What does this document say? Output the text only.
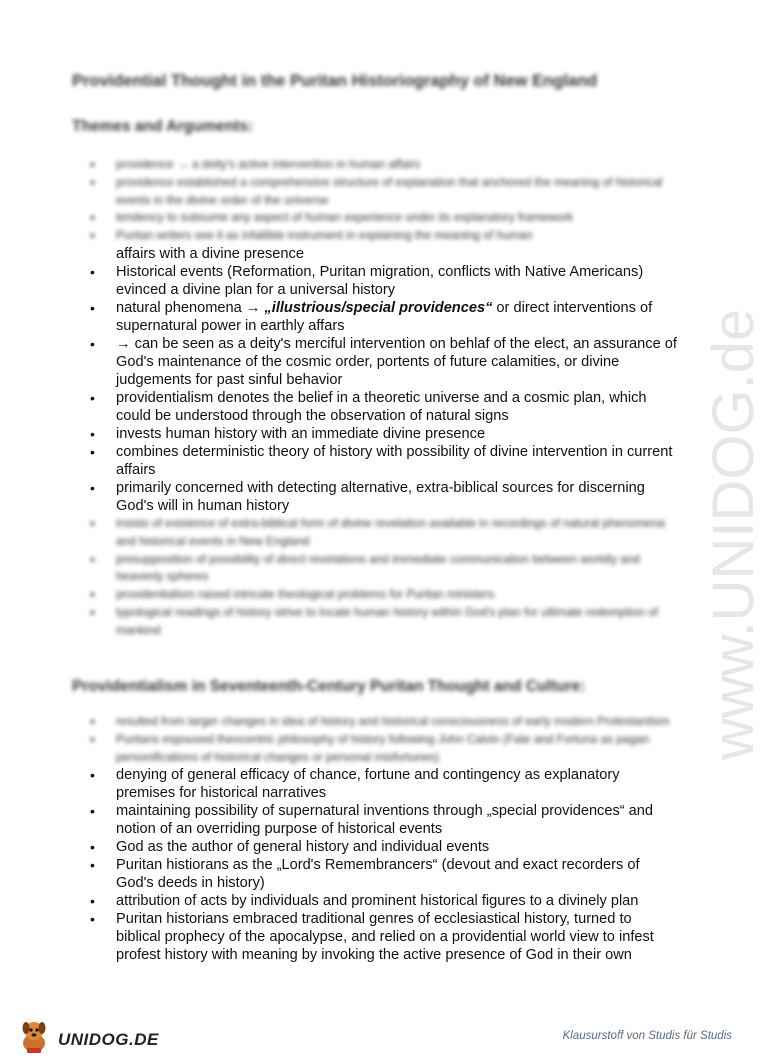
www.UNIDOG.de
Providential Thought in the Puritan Historiography of New England
Themes and Arguments:
• providence → a deity's active intervention in human affairs
• providence established a comprehensive structure of explanation that anchored the meaning of historical events in the divine order of the universe
• tendency to subsume any aspect of human experience under its explanatory framework
• Puritan writers see it as infallible instrument in explaining the meaning of human
affairs with a divine presence
• Historical events (Reformation, Puritan migration, conflicts with Native Americans) evinced a divine plan for a universal history
• natural phenomena → „illustrious/special providences“ or direct interventions of supernatural power in earthly affars
• → can be seen as a deity's merciful intervention on behlaf of the elect, an assurance of God's maintenance of the cosmic order, portents of future calamities, or divine judgements for past sinful behavior
• providentialism denotes the belief in a theoretic universe and a cosmic plan, which could be understood through the observation of natural signs
• invests human history with an immediate divine presence
• combines deterministic theory of history with possibility of divine intervention in current affairs
• primarily concerned with detecting alternative, extra-biblical sources for discerning God's will in human history
• insists of existence of extra-biblical form of divine revelation available in recordings of natural phenomena and historical events in New England
• presupposition of possibility of direct revelations and immediate communication between worldly and heavenly spheres
• providentialism raised intricate theological problems for Puritan ministers
• typological readings of history strive to locate human history within God's plan for ultimate redemption of mankind
Providentialism in Seventeenth-Century Puritan Thought and Culture:
• resulted from larger changes in idea of history and historical consciousness of early modern Protestantism
• Puritans espoused theocentric philosophy of history following John Calvin (Fate and Fortuna as pagan personifications of historical changes or personal misfortunes)
• denying of general efficacy of chance, fortune and contingency as explanatory premises for historical narratives
• maintaining possibility of supernatural inventions through „special providences“ and notion of an overriding purpose of historical events
• God as the author of general history and individual events
• Puritan histiorans as the „Lord's Remembrancers“ (devout and exact recorders of God's deeds in history)
• attribution of acts by individuals and prominent historical figures to a divinely plan
• Puritan historians embraced traditional genres of ecclesiastical history, turned to biblical prophecy of the apocalypse, and relied on a providential world view to infest profest history with meaning by invoking the active presence of God in their own
UNIDOG.DE	Klausurstoff von Studis für Studis
